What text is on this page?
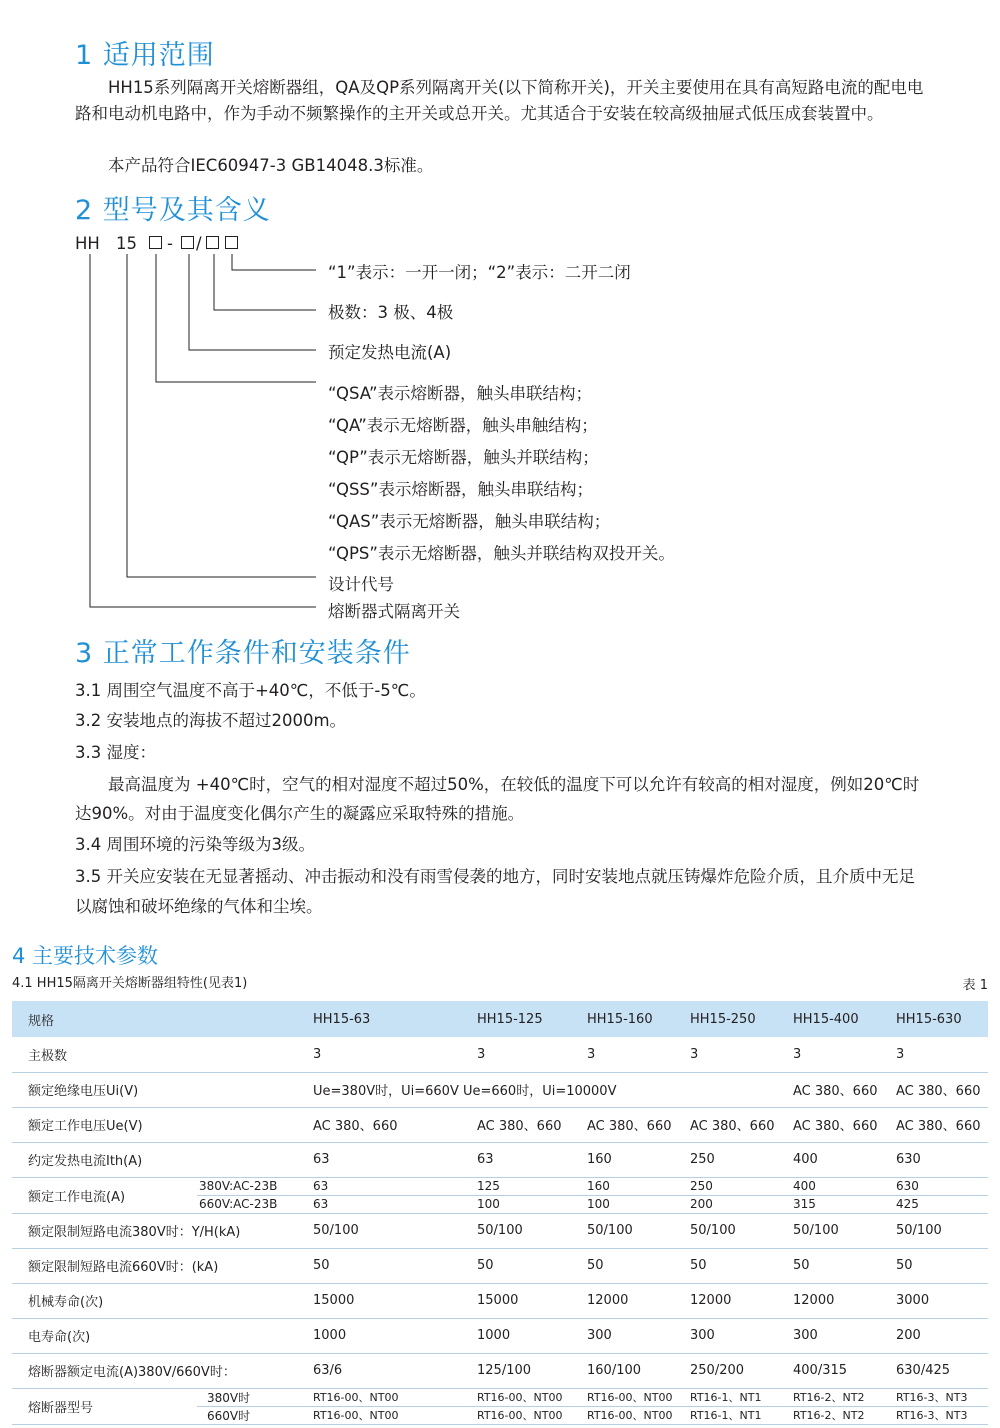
1 适用范围
HH15系列隔离开关熔断器组，QA及QP系列隔离开关(以下简称开关)，开关主要使用在具有高短路电流的配电电路和电动机电路中，作为手动不频繁操作的主开关或总开关。尤其适合于安装在较高级抽屉式低压成套装置中。
本产品符合IEC60947-3 GB14048.3标准。
2 型号及其含义
HH 15 - /
“1”表示：一开一闭；“2”表示：二开二闭
极数：3 极、4极
预定发热电流(A)
“QSA”表示熔断器，触头串联结构；
“QA”表示无熔断器，触头串触结构；
“QP”表示无熔断器，触头并联结构；
“QSS”表示熔断器，触头串联结构；
“QAS”表示无熔断器，触头串联结构；
“QPS”表示无熔断器，触头并联结构双投开关。
设计代号
熔断器式隔离开关
3 正常工作条件和安装条件
3.1 周围空气温度不高于+40℃，不低于-5℃。
3.2 安装地点的海拔不超过2000m。
3.3 湿度：
最高温度为 +40℃时，空气的相对湿度不超过50%，在较低的温度下可以允许有较高的相对湿度，例如20℃时达90%。对由于温度变化偶尔产生的凝露应采取特殊的措施。
3.4 周围环境的污染等级为3级。
3.5 开关应安装在无显著摇动、冲击振动和没有雨雪侵袭的地方，同时安装地点就压铸爆炸危险介质，且介质中无足以腐蚀和破坏绝缘的气体和尘埃。
4 主要技术参数
4.1 HH15隔离开关熔断器组特性(见表1)	表 1
规格		HH15-63	HH15-125	HH15-160	HH15-250	HH15-400	HH15-630
主极数		3	3	3	3	3	3
额定绝缘电压Ui(V)		Ue=380V时，Ui=660V Ue=660时，Ui=10000V				AC 380、660	AC 380、660
额定工作电压Ue(V)		AC 380、660	AC 380、660	AC 380、660	AC 380、660	AC 380、660	AC 380、660
约定发热电流Ith(A)		63	63	160	250	400	630
额定工作电流(A)	380V:AC-23B	63	125	160	250	400	630
	660V:AC-23B	63	100	100	200	315	425
额定限制短路电流380V时：Y/H(kA)		50/100	50/100	50/100	50/100	50/100	50/100
额定限制短路电流660V时：(kA)		50	50	50	50	50	50
机械寿命(次)		15000	15000	12000	12000	12000	3000
电寿命(次)		1000	1000	300	300	300	200
熔断器额定电流(A)380V/660V时：		63/6	125/100	160/100	250/200	400/315	630/425
熔断器型号	380V时	RT16-00、NT00	RT16-00、NT00	RT16-00、NT00	RT16-1、NT1	RT16-2、NT2	RT16-3、NT3
	660V时	RT16-00、NT00	RT16-00、NT00	RT16-00、NT00	RT16-1、NT1	RT16-2、NT2	RT16-3、NT3
